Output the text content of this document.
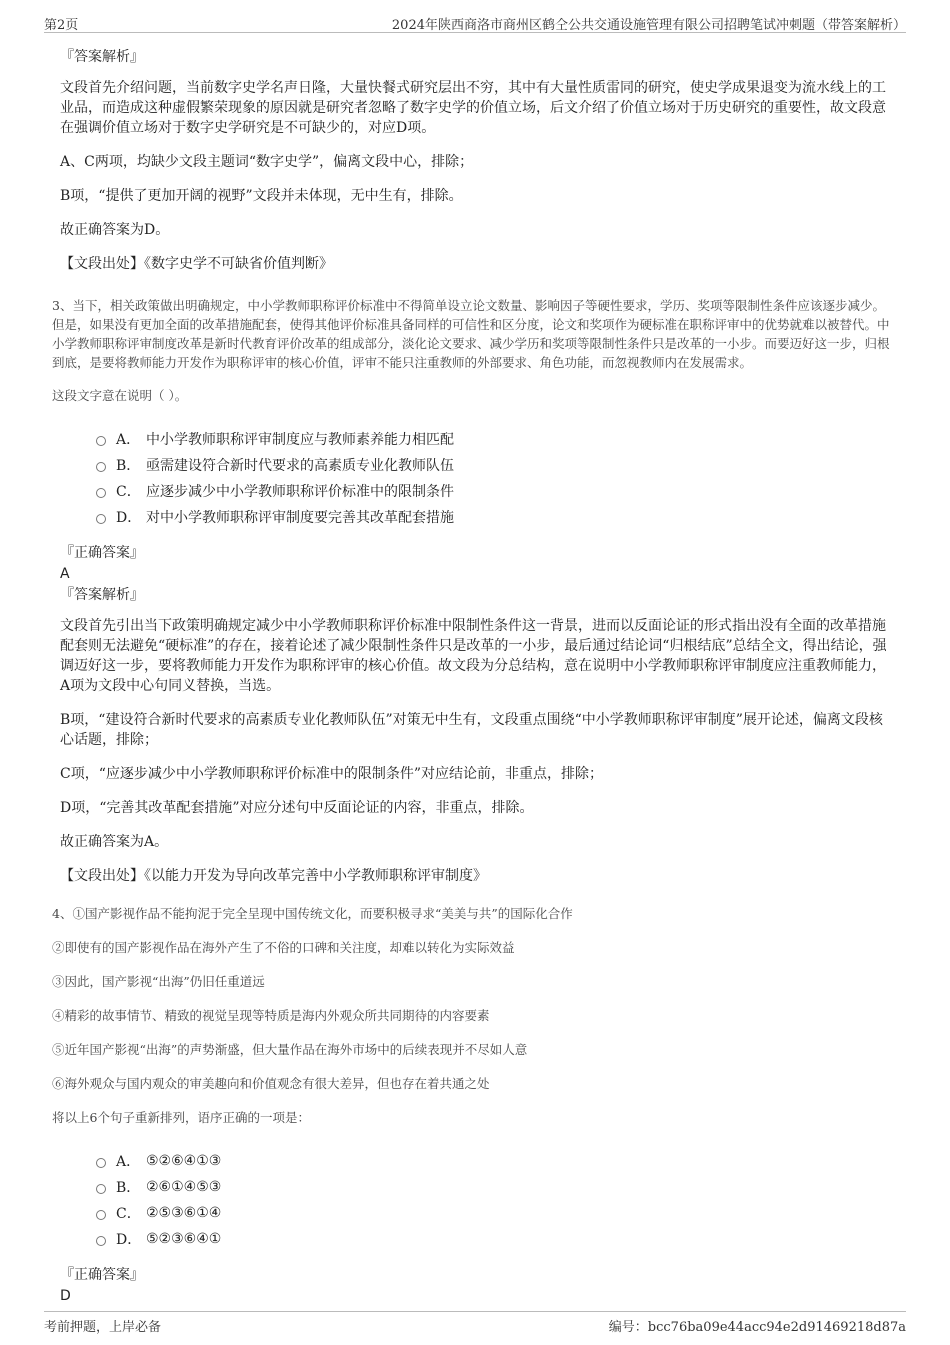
第2页	2024年陕西商洛市商州区鹤仝公共交通设施管理有限公司招聘笔试冲刺题（带答案解析）
『答案解析』
文段首先介绍问题，当前数字史学名声日隆，大量快餐式研究层出不穷，其中有大量性质雷同的研究，使史学成果退变为流水线上的工业品，而造成这种虚假繁荣现象的原因就是研究者忽略了数字史学的价值立场，后文介绍了价值立场对于历史研究的重要性，故文段意在强调价值立场对于数字史学研究是不可缺少的，对应D项。
A、C两项，均缺少文段主题词“数字史学”，偏离文段中心，排除；
B项，“提供了更加开阔的视野”文段并未体现，无中生有，排除。
故正确答案为D。
【文段出处】《数字史学不可缺省价值判断》
3、当下，相关政策做出明确规定，中小学教师职称评价标准中不得简单设立论文数量、影响因子等硬性要求，学历、奖项等限制性条件应该逐步减少。但是，如果没有更加全面的改革措施配套，使得其他评价标准具备同样的可信性和区分度，论文和奖项作为硬标准在职称评审中的优势就难以被替代。中小学教师职称评审制度改革是新时代教育评价改革的组成部分，淡化论文要求、减少学历和奖项等限制性条件只是改革的一小步。而要迈好这一步，归根到底，是要将教师能力开发作为职称评审的核心价值，评审不能只注重教师的外部要求、角色功能，而忽视教师内在发展需求。
这段文字意在说明（ ）。
A． 中小学教师职称评审制度应与教师素养能力相匹配
B． 亟需建设符合新时代要求的高素质专业化教师队伍
C． 应逐步减少中小学教师职称评价标准中的限制条件
D． 对中小学教师职称评审制度要完善其改革配套措施
『正确答案』
A
『答案解析』
文段首先引出当下政策明确规定减少中小学教师职称评价标准中限制性条件这一背景，进而以反面论证的形式指出没有全面的改革措施配套则无法避免“硬标准”的存在，接着论述了减少限制性条件只是改革的一小步，最后通过结论词“归根结底”总结全文，得出结论，强调迈好这一步，要将教师能力开发作为职称评审的核心价值。故文段为分总结构，意在说明中小学教师职称评审制度应注重教师能力，A项为文段中心句同义替换，当选。
B项，“建设符合新时代要求的高素质专业化教师队伍”对策无中生有，文段重点围绕“中小学教师职称评审制度”展开论述，偏离文段核心话题，排除；
C项，“应逐步减少中小学教师职称评价标准中的限制条件”对应结论前，非重点，排除；
D项，“完善其改革配套措施”对应分述句中反面论证的内容，非重点，排除。
故正确答案为A。
【文段出处】《以能力开发为导向改革完善中小学教师职称评审制度》
4、①国产影视作品不能拘泥于完全呈现中国传统文化，而要积极寻求“美美与共”的国际化合作
②即使有的国产影视作品在海外产生了不俗的口碑和关注度，却难以转化为实际效益
③因此，国产影视“出海”仍旧任重道远
④精彩的故事情节、精致的视觉呈现等特质是海内外观众所共同期待的内容要素
⑤近年国产影视“出海”的声势渐盛，但大量作品在海外市场中的后续表现并不尽如人意
⑥海外观众与国内观众的审美趣向和价值观念有很大差异，但也存在着共通之处
将以上6个句子重新排列，语序正确的一项是：
A． ⑤②⑥④①③
B． ②⑥①④⑤③
C． ②⑤③⑥①④
D． ⑤②③⑥④①
『正确答案』
D
考前押题，上岸必备	编号：bcc76ba09e44acc94e2d91469218d87a
